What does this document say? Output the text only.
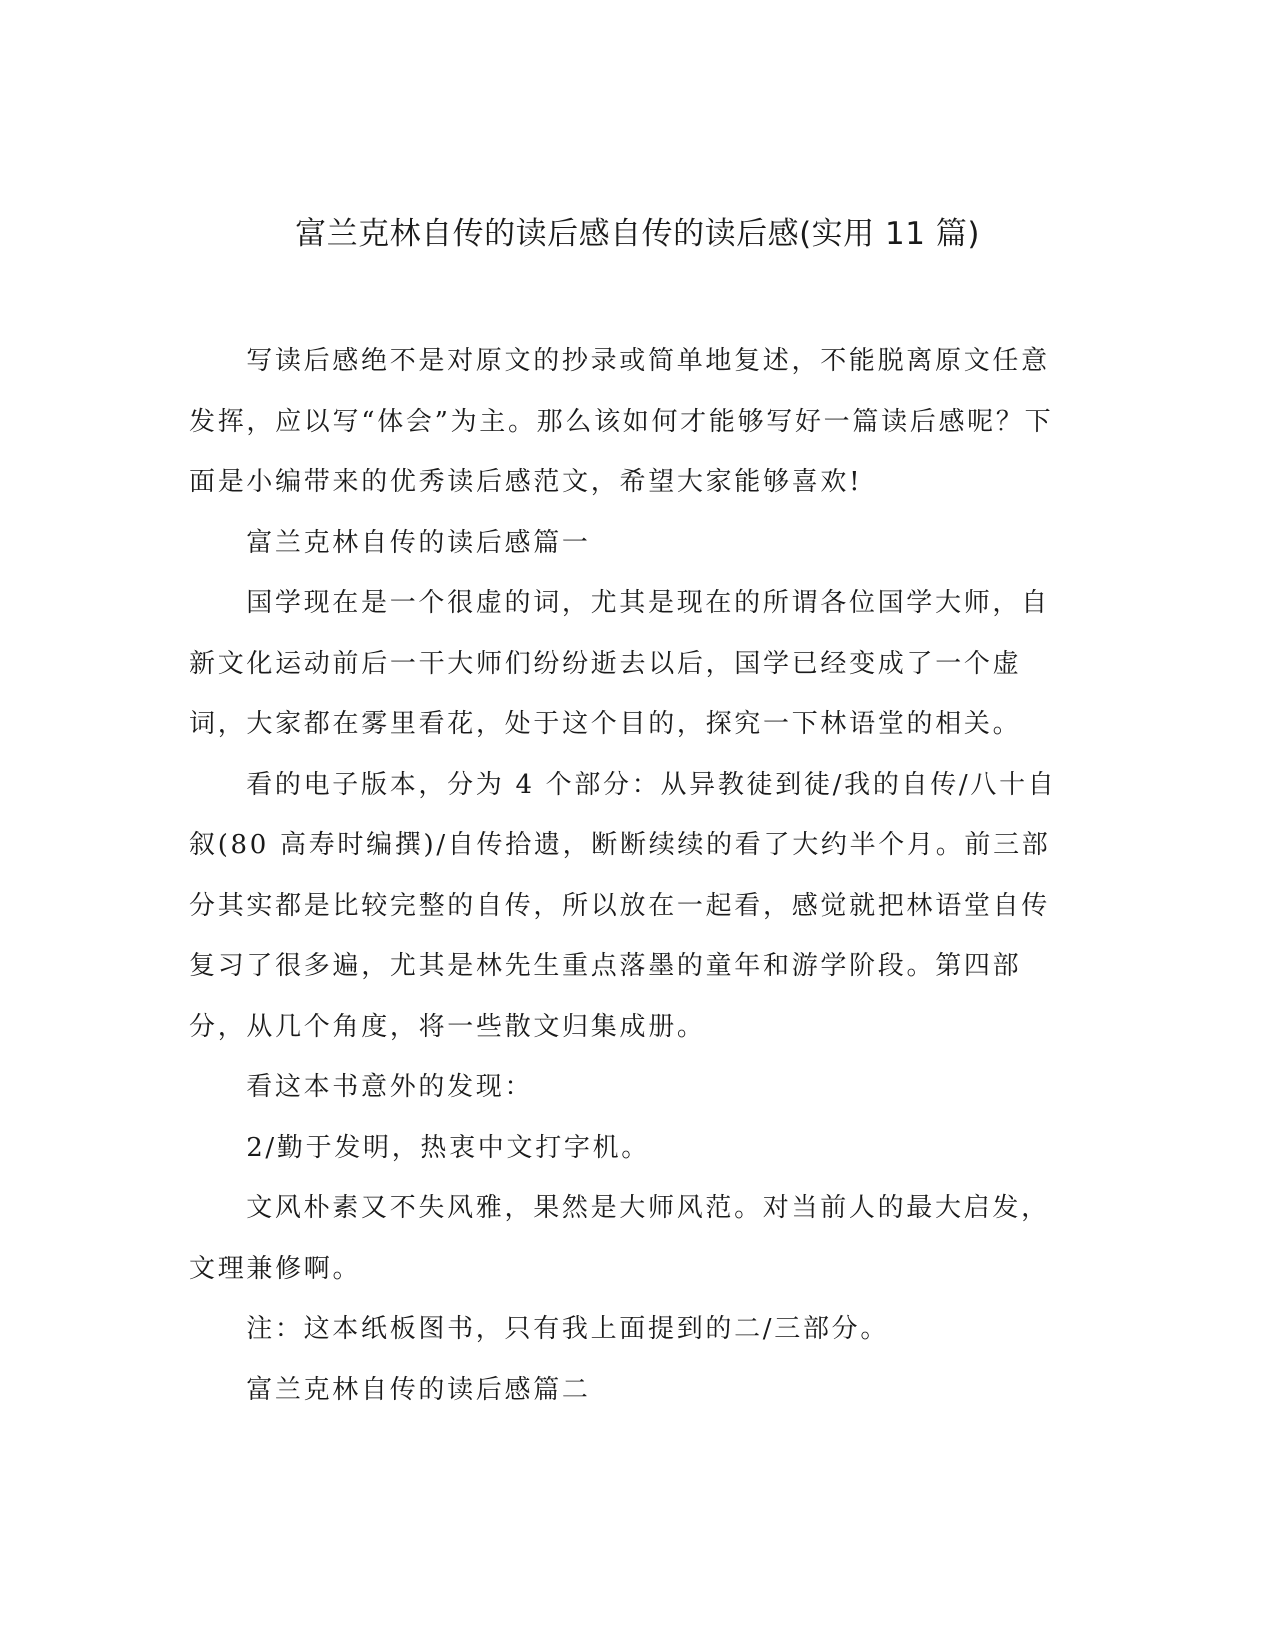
富兰克林自传的读后感自传的读后感(实用 11 篇)

写读后感绝不是对原文的抄录或简单地复述，不能脱离原文任意发挥，应以写“体会”为主。那么该如何才能够写好一篇读后感呢？下面是小编带来的优秀读后感范文，希望大家能够喜欢!

富兰克林自传的读后感篇一

国学现在是一个很虚的词，尤其是现在的所谓各位国学大师，自新文化运动前后一干大师们纷纷逝去以后，国学已经变成了一个虚词，大家都在雾里看花，处于这个目的，探究一下林语堂的相关。

看的电子版本，分为 4 个部分：从异教徒到徒/我的自传/八十自叙(80 高寿时编撰)/自传拾遗，断断续续的看了大约半个月。前三部分其实都是比较完整的自传，所以放在一起看，感觉就把林语堂自传复习了很多遍，尤其是林先生重点落墨的童年和游学阶段。第四部分，从几个角度，将一些散文归集成册。

看这本书意外的发现：

2/勤于发明，热衷中文打字机。

文风朴素又不失风雅，果然是大师风范。对当前人的最大启发，文理兼修啊。

注：这本纸板图书，只有我上面提到的二/三部分。

富兰克林自传的读后感篇二
